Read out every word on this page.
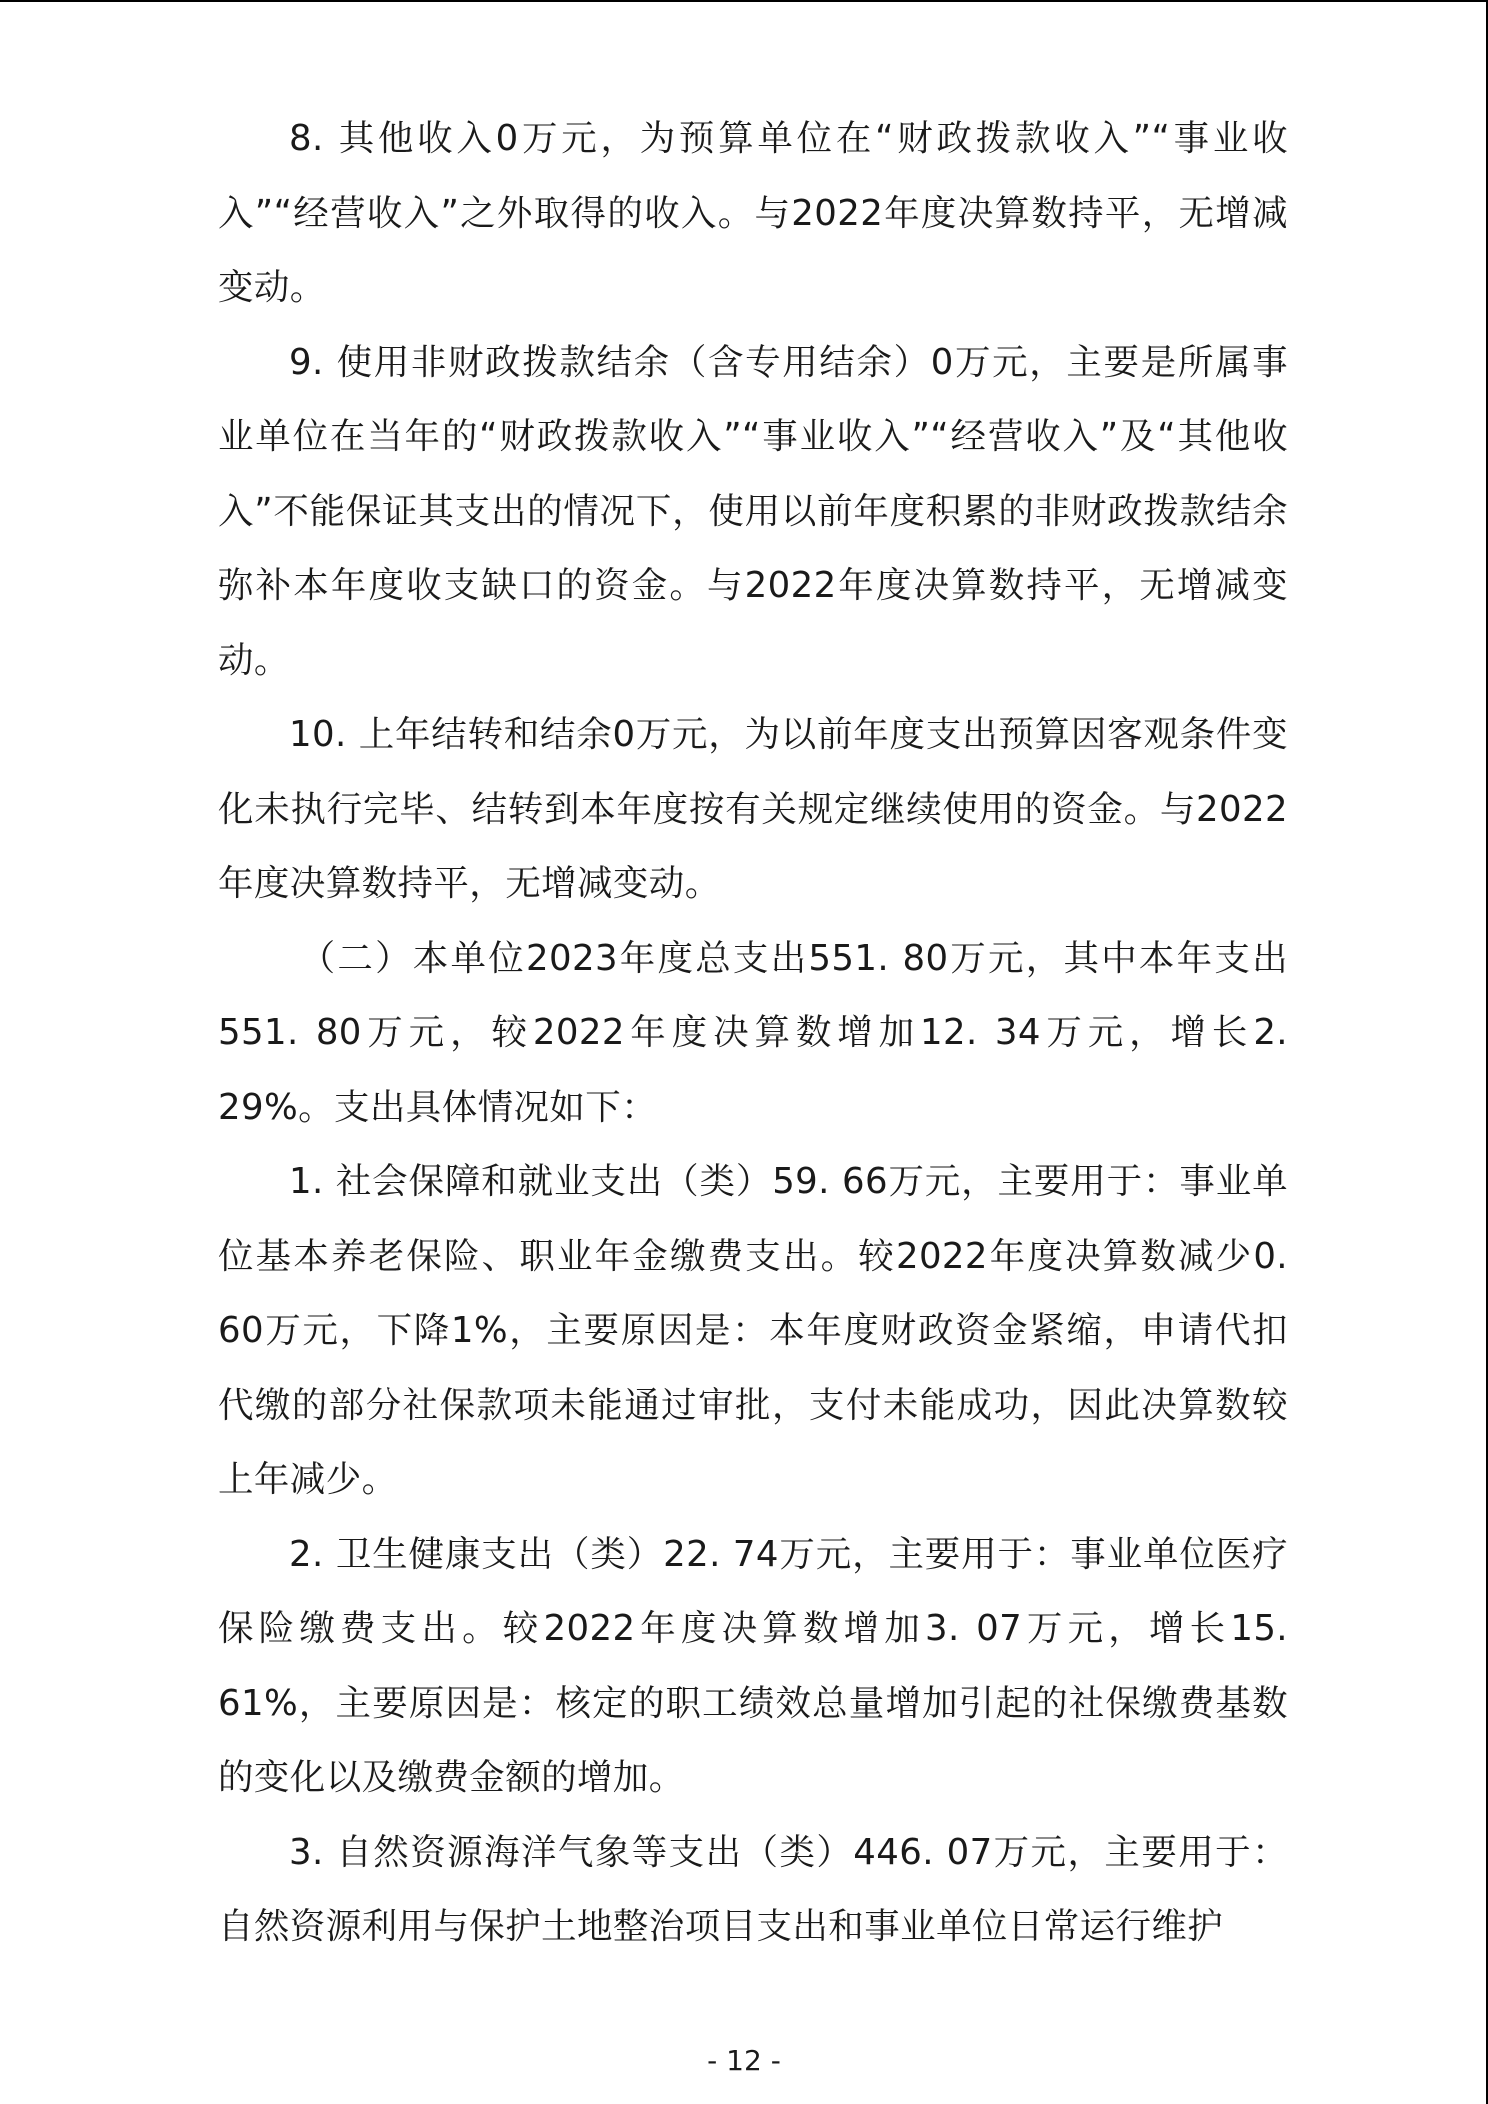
8. 其他收入0万元，为预算单位在“财政拨款收入”“事业收入”“经营收入”之外取得的收入。与2022年度决算数持平，无增减变动。

9. 使用非财政拨款结余（含专用结余）0万元，主要是所属事业单位在当年的“财政拨款收入”“事业收入”“经营收入”及“其他收入”不能保证其支出的情况下，使用以前年度积累的非财政拨款结余弥补本年度收支缺口的资金。与2022年度决算数持平，无增减变动。

10. 上年结转和结余0万元，为以前年度支出预算因客观条件变化未执行完毕、结转到本年度按有关规定继续使用的资金。与2022年度决算数持平，无增减变动。

（二）本单位2023年度总支出551. 80万元，其中本年支出551. 80万元，较2022年度决算数增加12. 34万元，增长2. 29%。支出具体情况如下：

1. 社会保障和就业支出（类）59. 66万元，主要用于：事业单位基本养老保险、职业年金缴费支出。较2022年度决算数减少0. 60万元，下降1%，主要原因是：本年度财政资金紧缩，申请代扣代缴的部分社保款项未能通过审批，支付未能成功，因此决算数较上年减少。

2. 卫生健康支出（类）22. 74万元，主要用于：事业单位医疗保险缴费支出。较2022年度决算数增加3. 07万元，增长15. 61%，主要原因是：核定的职工绩效总量增加引起的社保缴费基数的变化以及缴费金额的增加。

3. 自然资源海洋气象等支出（类）446. 07万元，主要用于：自然资源利用与保护土地整治项目支出和事业单位日常运行维护

- 12 -
